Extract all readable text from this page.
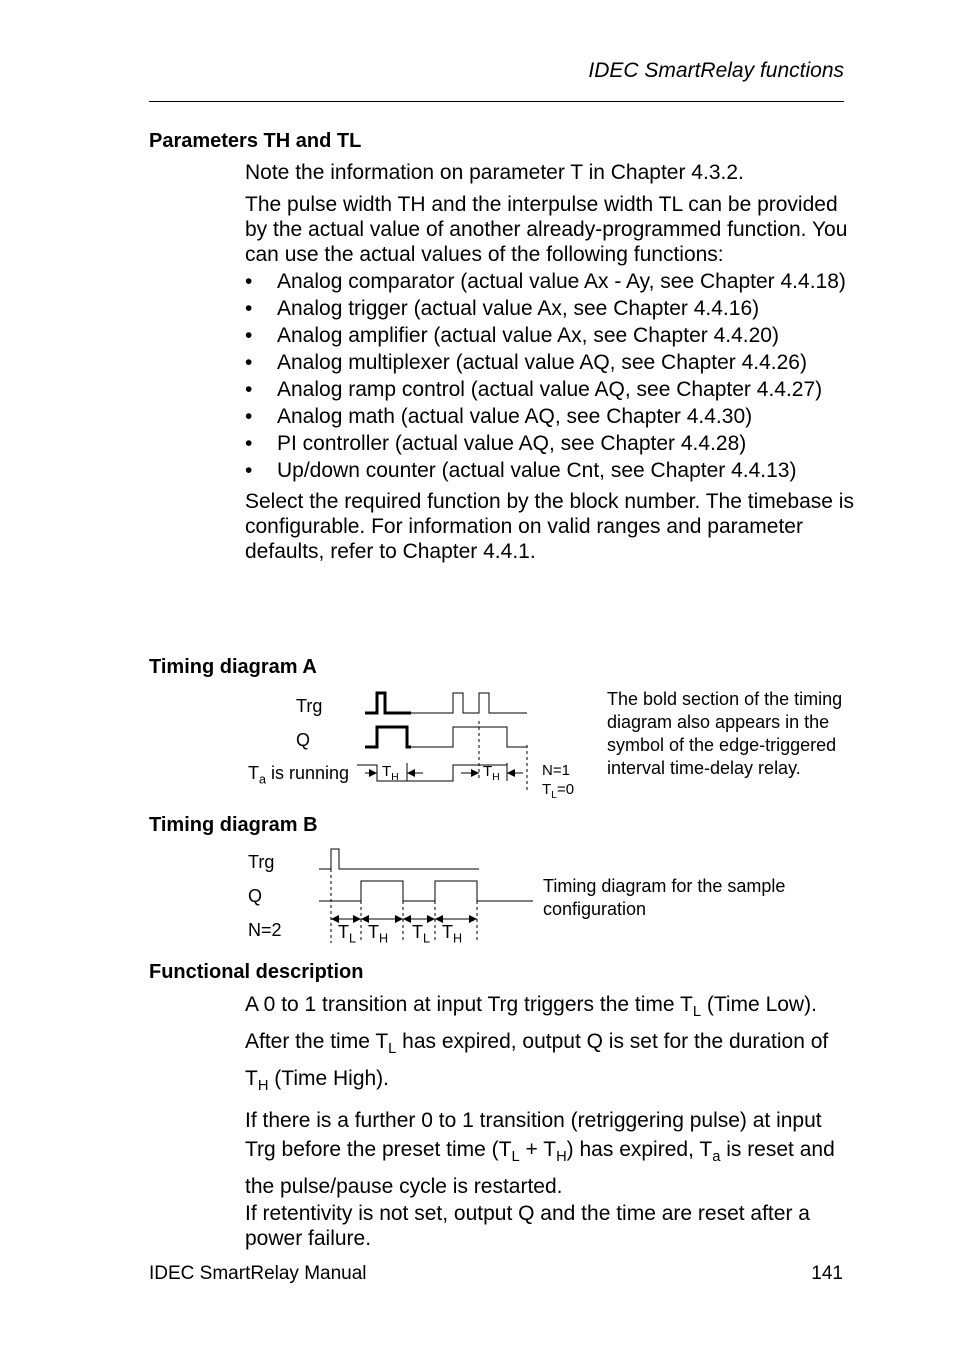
IDEC SmartRelay functions
Parameters TH and TL

Note the information on parameter T in Chapter 4.3.2.

The pulse width TH and the interpulse width TL can be provided by the actual value of another already-programmed function. You can use the actual values of the following functions:

• Analog comparator (actual value Ax - Ay, see Chapter 4.4.18)
• Analog trigger (actual value Ax, see Chapter 4.4.16)
• Analog amplifier (actual value Ax, see Chapter 4.4.20)
• Analog multiplexer (actual value AQ, see Chapter 4.4.26)
• Analog ramp control (actual value AQ, see Chapter 4.4.27)
• Analog math (actual value AQ, see Chapter 4.4.30)
• PI controller (actual value AQ, see Chapter 4.4.28)
• Up/down counter (actual value Cnt, see Chapter 4.4.13)

Select the required function by the block number. The timebase is configurable. For information on valid ranges and parameter defaults, refer to Chapter 4.4.1.

Timing diagram A
Trg
Q
$T_a$ is running $T_H$	$T_H$	N=1
$T_L=0$
The bold section of the timing diagram also appears in the symbol of the edge-triggered interval time-delay relay.
Timing diagram B
Trg
Q
N=2	$T_L$ $T_H$ $T_L$ $T_H$
Timing diagram for the sample configuration
Functional description

A 0 to 1 transition at input Trg triggers the time $T_L$ (Time Low). After the time $T_L$ has expired, output Q is set for the duration of $T_H$ (Time High).

If there is a further 0 to 1 transition (retriggering pulse) at input Trg before the preset time $(T_L + T_H)$ has expired, $T_a$ is reset and the pulse/pause cycle is restarted.

If retentivity is not set, output Q and the time are reset after a power failure.

IDEC SmartRelay Manual	141
